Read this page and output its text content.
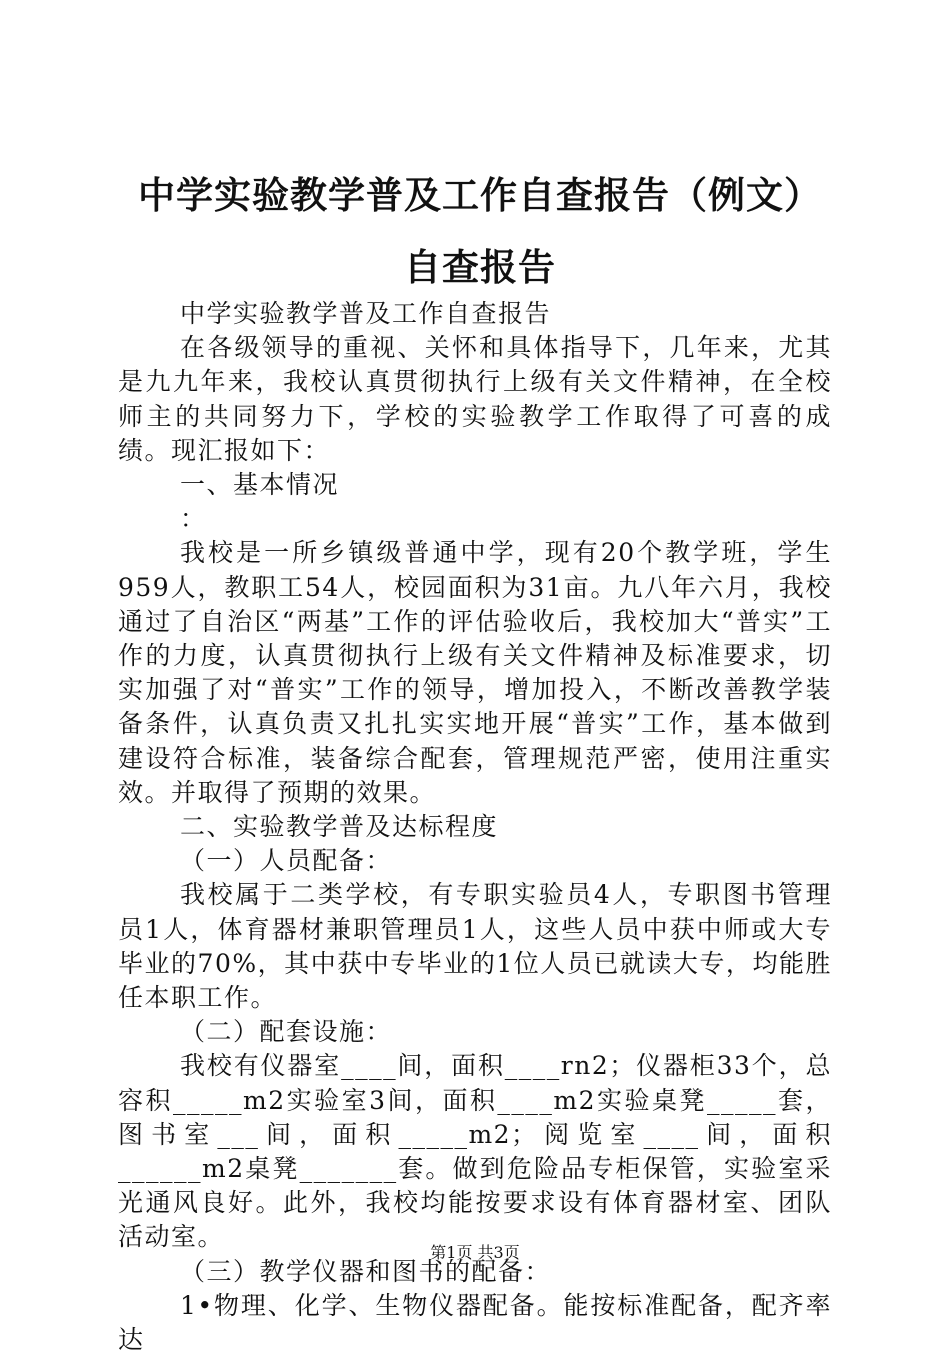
中学实验教学普及工作自查报告（例文）自查报告

中学实验教学普及工作自查报告

在各级领导的重视、关怀和具体指导下，几年来，尤其是九九年来，我校认真贯彻执行上级有关文件精神，在全校师主的共同努力下，学校的实验教学工作取得了可喜的成绩。现汇报如下：

一、基本情况

：

我校是一所乡镇级普通中学，现有20个教学班，学生959人，教职工54人，校园面积为31亩。九八年六月，我校通过了自治区“两基”工作的评估验收后，我校加大“普实”工作的力度，认真贯彻执行上级有关文件精神及标准要求，切实加强了对“普实”工作的领导，增加投入，不断改善教学装备条件，认真负责又扎扎实实地开展“普实”工作，基本做到建设符合标准，装备综合配套，管理规范严密，使用注重实效。并取得了预期的效果。

二、实验教学普及达标程度

（一）人员配备：

我校属于二类学校，有专职实验员4人，专职图书管理员1人，体育器材兼职管理员1人，这些人员中获中师或大专毕业的70%，其中获中专毕业的1位人员已就读大专，均能胜任本职工作。

（二）配套设施：

我校有仪器室____间，面积____rn2；仪器柜33个，总容积_____m2实验室3间，面积____m2实验桌凳_____套，图书室___间，面积_____m2；阅览室____间，面积______m2桌凳_______套。做到危险品专柜保管，实验室采光通风良好。此外，我校均能按要求设有体育器材室、团队活动室。

（三）教学仪器和图书的配备：

1•物理、化学、生物仪器配备。能按标准配备，配齐率达

第1页 共3页
